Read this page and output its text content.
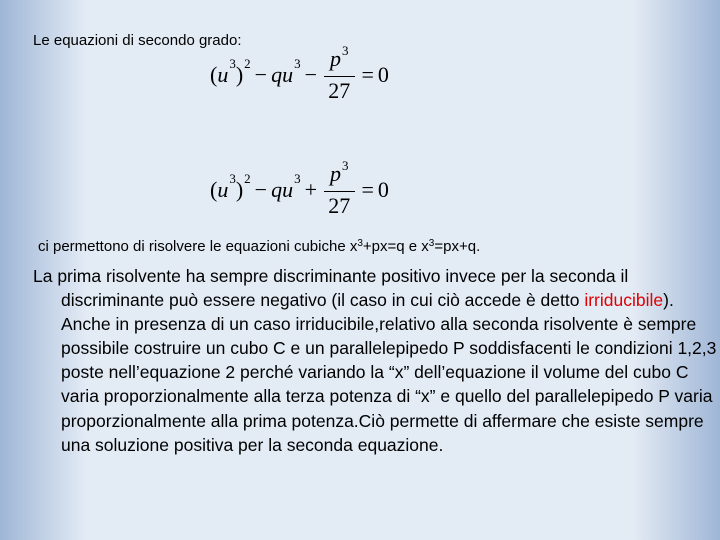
Le equazioni di secondo grado:
( $u^3$ )$^2$ − q $u^3 - \frac{p^3}{27} = 0$
( $u^3$ )$^2$ − q $u^3 + \frac{p^3}{27} = 0$
ci permettono di risolvere le equazioni cubiche $x^3+px=q$ e $x^3=px+q$.
La prima risolvente ha sempre discriminante positivo invece per la seconda il discriminante può essere negativo (il caso in cui ciò accede è detto irriducibile). Anche in presenza di un caso irriducibile,relativo alla seconda risolvente è sempre possibile costruire un cubo C e un parallelepipedo P soddisfacenti le condizioni 1,2,3 poste nell’equazione 2 perché variando la “x” dell’equazione il volume del cubo C varia proporzionalmente alla terza potenza di “x” e quello del parallelepipedo P varia proporzionalmente alla prima potenza.Ciò permette di affermare che esiste sempre una soluzione positiva per la seconda equazione.
